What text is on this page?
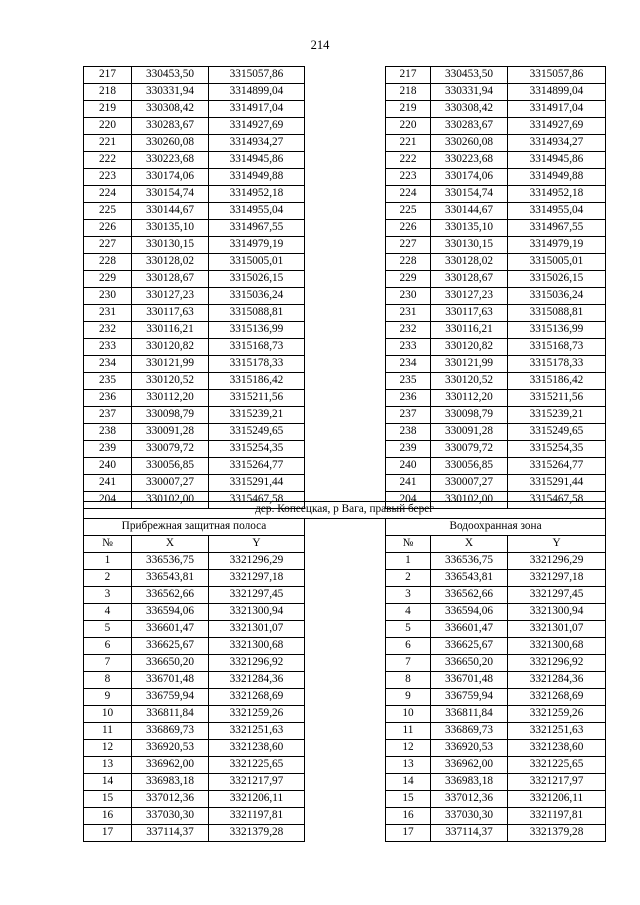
214
217	330453,50	3315057,86		217	330453,50	3315057,86
218	330331,94	3314899,04		218	330331,94	3314899,04
219	330308,42	3314917,04		219	330308,42	3314917,04
220	330283,67	3314927,69		220	330283,67	3314927,69
221	330260,08	3314934,27		221	330260,08	3314934,27
222	330223,68	3314945,86		222	330223,68	3314945,86
223	330174,06	3314949,88		223	330174,06	3314949,88
224	330154,74	3314952,18		224	330154,74	3314952,18
225	330144,67	3314955,04		225	330144,67	3314955,04
226	330135,10	3314967,55		226	330135,10	3314967,55
227	330130,15	3314979,19		227	330130,15	3314979,19
228	330128,02	3315005,01		228	330128,02	3315005,01
229	330128,67	3315026,15		229	330128,67	3315026,15
230	330127,23	3315036,24		230	330127,23	3315036,24
231	330117,63	3315088,81		231	330117,63	3315088,81
232	330116,21	3315136,99		232	330116,21	3315136,99
233	330120,82	3315168,73		233	330120,82	3315168,73
234	330121,99	3315178,33		234	330121,99	3315178,33
235	330120,52	3315186,42		235	330120,52	3315186,42
236	330112,20	3315211,56		236	330112,20	3315211,56
237	330098,79	3315239,21		237	330098,79	3315239,21
238	330091,28	3315249,65		238	330091,28	3315249,65
239	330079,72	3315254,35		239	330079,72	3315254,35
240	330056,85	3315264,77		240	330056,85	3315264,77
241	330007,27	3315291,44		241	330007,27	3315291,44
204	330102,00	3315467,58		204	330102,00	3315467,58
дер. Копеецкая, р Вага, правый берег						
Прибрежная защитная полоса				Водоохранная зона		
№	X	Y		№	X	Y
1	336536,75	3321296,29		1	336536,75	3321296,29
2	336543,81	3321297,18		2	336543,81	3321297,18
3	336562,66	3321297,45		3	336562,66	3321297,45
4	336594,06	3321300,94		4	336594,06	3321300,94
5	336601,47	3321301,07		5	336601,47	3321301,07
6	336625,67	3321300,68		6	336625,67	3321300,68
7	336650,20	3321296,92		7	336650,20	3321296,92
8	336701,48	3321284,36		8	336701,48	3321284,36
9	336759,94	3321268,69		9	336759,94	3321268,69
10	336811,84	3321259,26		10	336811,84	3321259,26
11	336869,73	3321251,63		11	336869,73	3321251,63
12	336920,53	3321238,60		12	336920,53	3321238,60
13	336962,00	3321225,65		13	336962,00	3321225,65
14	336983,18	3321217,97		14	336983,18	3321217,97
15	337012,36	3321206,11		15	337012,36	3321206,11
16	337030,30	3321197,81		16	337030,30	3321197,81
17	337114,37	3321379,28		17	337114,37	3321379,28
